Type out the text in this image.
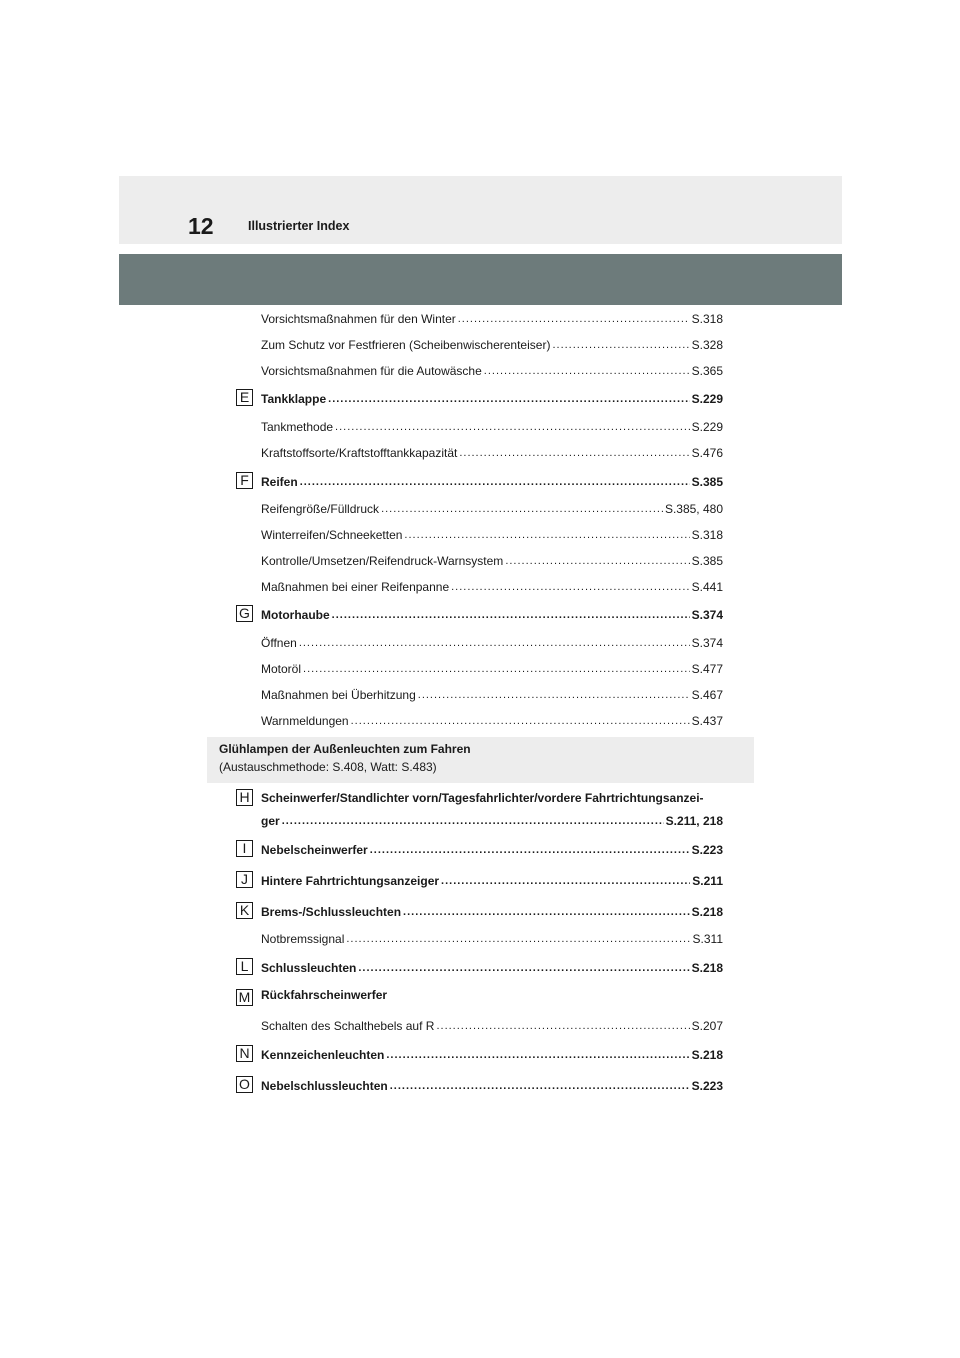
12	Illustrierter Index
Vorsichtsmaßnahmen für den Winter .....	S.318
Zum Schutz vor Festfrieren (Scheibenwischerenteiser) .....	S.328
Vorsichtsmaßnahmen für die Autowäsche .....	S.365
E Tankklappe .....	S.229
Tankmethode .....	S.229
Kraftstoffsorte/Kraftstofftankkapazität .....	S.476
F	Reifen .....	S.385
Reifengröße/Fülldruck .....	S.385, 480
Winterreifen/Schneeketten .....	S.318
Kontrolle/Umsetzen/Reifendruck-Warnsystem .....	S.385
Maßnahmen bei einer Reifenpanne .....	S.441
G Motorhaube .....	S.374
Öffnen .....	S.374
Motoröl .....	S.477
Maßnahmen bei Überhitzung .....	S.467
Warnmeldungen .....	S.437
Glühlampen der Außenleuchten zum Fahren
(Austauschmethode: S.408, Watt: S.483)
H Scheinwerfer/Standlichter vorn/Tagesfahrlichter/vordere Fahrtrichtungsanzei-
ger .....	S.211, 218
I	Nebelscheinwerfer .....	S.223
J	Hintere Fahrtrichtungsanzeiger .....	S.211
K Brems-/Schlussleuchten .....	S.218
Notbremssignal .....	S.311
L	Schlussleuchten .....	S.218
M Rückfahrscheinwerfer
Schalten des Schalthebels auf R .....	S.207
N Kennzeichenleuchten .....	S.218
O Nebelschlussleuchten .....	S.223
